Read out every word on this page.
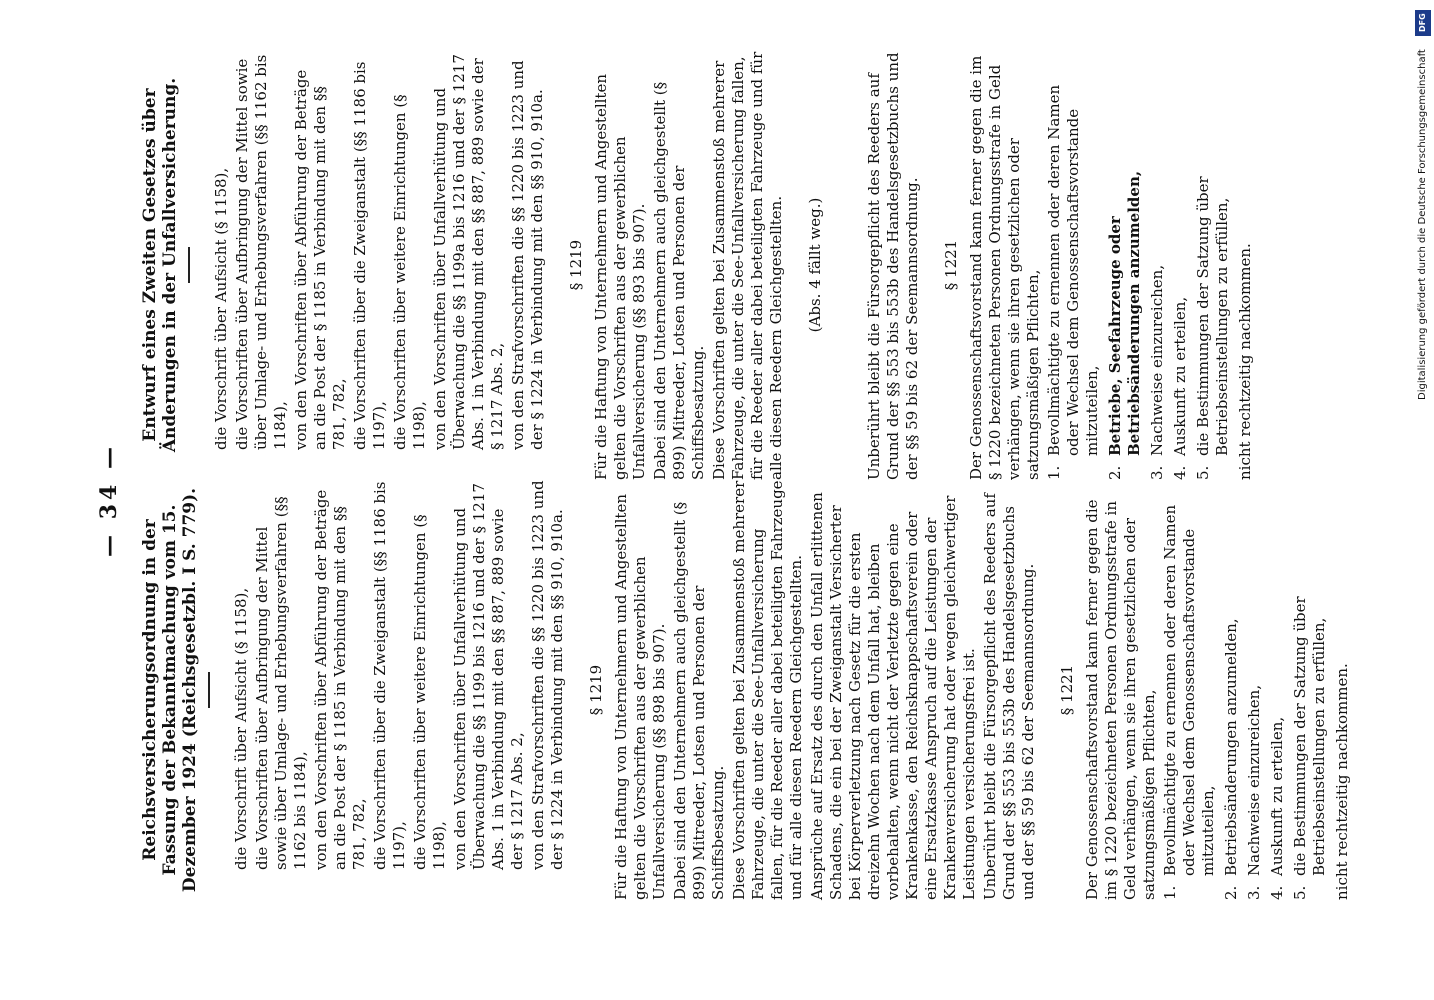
— 34 —
Reichsversicherungsordnung in der Fassung der Bekanntmachung vom 15. Dezember 1924 (Reichsgesetzbl. I S. 779). die Vorschrift über Aufsicht (§ 1158), die Vorschriften über Aufbringung der Mittel sowie über Umlage- und Erhebungsverfahren (§§ 1162 bis 1184), von den Vorschriften über Abführung der Beträge an die Post der § 1185 in Verbindung mit den §§ 781, 782, die Vorschriften über die Zweiganstalt (§§ 1186 bis 1197), die Vorschriften über weitere Einrichtungen (§ 1198), von den Vorschriften über Unfallverhütung und Überwachung die §§ 1199 bis 1216 und der § 1217 Abs. 1 in Verbindung mit den §§ 887, 889 sowie der § 1217 Abs. 2, von den Strafvorschriften die §§ 1220 bis 1223 und der § 1224 in Verbindung mit den §§ 910, 910a. § 1219 Für die Haftung von Unternehmern und Angestellten gelten die Vorschriften aus der gewerblichen Unfallversicherung (§§ 898 bis 907). Dabei sind den Unternehmern auch gleichgestellt (§ 899) Mitreeder, Lotsen und Personen der Schiffsbesatzung. Diese Vorschriften gelten bei Zusammenstoß mehrerer Fahrzeuge, die unter die See-Unfallversicherung fallen, für die Reeder aller dabei beteiligten Fahrzeuge und für alle diesen Reedern Gleichgestellten. Ansprüche auf Ersatz des durch den Unfall erlittenen Schadens, die ein bei der Zweiganstalt Versicherter bei Körperverletzung nach Gesetz für die ersten dreizehn Wochen nach dem Unfall hat, bleiben vorbehalten, wenn nicht der Verletzte gegen eine Krankenkasse, den Reichsknappschaftsverein oder eine Ersatzkasse Anspruch auf die Leistungen der Krankenversicherung hat oder wegen gleichwertiger Leistungen versicherungsfrei ist. Unberührt bleibt die Fürsorgepflicht des Reeders auf Grund der §§ 553 bis 553b des Handelsgesetzbuchs und der §§ 59 bis 62 der Seemannsordnung. § 1221 Der Genossenschaftsvorstand kann ferner gegen die im § 1220 bezeichneten Personen Ordnungsstrafe in Geld verhängen, wenn sie ihren gesetzlichen oder satzungsmäßigen Pflichten, 1.
Bevollmächtigte zu ernennen oder deren Namen oder Wechsel dem Genossenschaftsvorstande mitzuteilen,
2.
Betriebsänderungen anzumelden,
3.
Nachweise einzureichen,
4.
Auskunft zu erteilen,
5.
die Bestimmungen der Satzung über Betriebseinstellungen zu erfüllen, nicht rechtzeitig nachkommen.
Entwurf eines Zweiten Gesetzes über Änderungen in der Unfallversicherung. die Vorschrift über Aufsicht (§ 1158), die Vorschriften über Aufbringung der Mittel sowie über Umlage- und Erhebungsverfahren (§§ 1162 bis 1184), von den Vorschriften über Abführung der Beträge an die Post der § 1185 in Verbindung mit den §§ 781, 782, die Vorschriften über die Zweiganstalt (§§ 1186 bis 1197), die Vorschriften über weitere Einrichtungen (§ 1198), von den Vorschriften über Unfallverhütung und Überwachung die §§ 1199a bis 1216 und der § 1217 Abs. 1 in Verbindung mit den §§ 887, 889 sowie der § 1217 Abs. 2, von den Strafvorschriften die §§ 1220 bis 1223 und der § 1224 in Verbindung mit den §§ 910, 910a. § 1219 Für die Haftung von Unternehmern und Angestellten gelten die Vorschriften aus der gewerblichen Unfallversicherung (§§ 893 bis 907). Dabei sind den Unternehmern auch gleichgestellt (§ 899) Mitreeder, Lotsen und Personen der Schiffsbesatzung. Diese Vorschriften gelten bei Zusammenstoß mehrerer Fahrzeuge, die unter die See-Unfallversicherung fallen, für die Reeder aller dabei beteiligten Fahrzeuge und für alle diesen Reedern Gleichgestellten. (Abs. 4 fällt weg.)	Unberührt bleibt die Fürsorgepflicht des Reeders auf Grund der §§ 553 bis 553b des Handelsgesetzbuchs und der §§ 59 bis 62 der Seemannsordnung. § 1221 Der Genossenschaftsvorstand kann ferner gegen die im § 1220 bezeichneten Personen Ordnungsstrafe in Geld verhängen, wenn sie ihren gesetzlichen oder satzungsmäßigen Pflichten, 1.
Bevollmächtigte zu ernennen oder deren Namen oder Wechsel dem Genossenschaftsvorstande mitzuteilen,
2.
Betriebe, Seefahrzeuge oder Betriebsänderungen anzumelden,
3.
Nachweise einzureichen,
4.
Auskunft zu erteilen,
5.
die Bestimmungen der Satzung über Betriebseinstellungen zu erfüllen, nicht rechtzeitig nachkommen.
DFG
Digitalisierung gefördert durch die Deutsche Forschungsgemeinschaft
